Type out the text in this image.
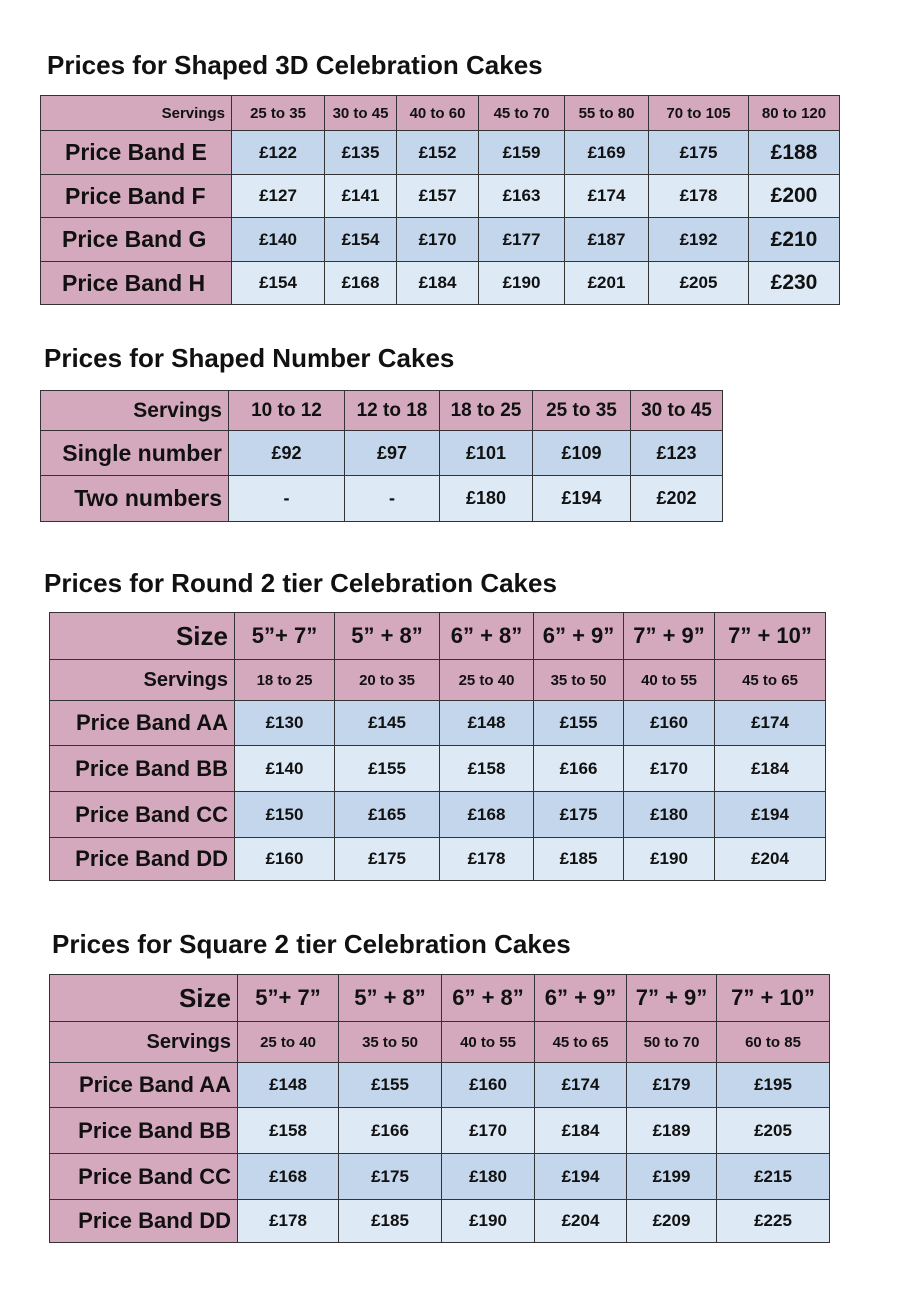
Prices for Shaped 3D Celebration Cakes
Servings	25 to 35	30 to 45	40 to 60	45 to 70	55 to 80	70 to 105	80 to 120
Price Band E	£122	£135	£152	£159	£169	£175	£188
Price Band F	£127	£141	£157	£163	£174	£178	£200
Price Band G	£140	£154	£170	£177	£187	£192	£210
Price Band H	£154	£168	£184	£190	£201	£205	£230
Prices for Shaped Number Cakes
Servings	10 to 12	12 to 18	18 to 25	25 to 35	30 to 45
Single number	£92	£97	£101	£109	£123
Two numbers	-	-	£180	£194	£202
Prices for Round 2 tier Celebration Cakes
Size	5”+ 7”	5” + 8”	6” + 8”	6” + 9”	7” + 9”	7” + 10”
Servings	18 to 25	20 to 35	25 to 40	35 to 50	40 to 55	45 to 65
Price Band AA	£130	£145	£148	£155	£160	£174
Price Band BB	£140	£155	£158	£166	£170	£184
Price Band CC	£150	£165	£168	£175	£180	£194
Price Band DD	£160	£175	£178	£185	£190	£204
Prices for Square 2 tier Celebration Cakes
Size	5”+ 7”	5” + 8”	6” + 8”	6” + 9”	7” + 9”	7” + 10”
Servings	25 to 40	35 to 50	40 to 55	45 to 65	50 to 70	60 to 85
Price Band AA	£148	£155	£160	£174	£179	£195
Price Band BB	£158	£166	£170	£184	£189	£205
Price Band CC	£168	£175	£180	£194	£199	£215
Price Band DD	£178	£185	£190	£204	£209	£225
